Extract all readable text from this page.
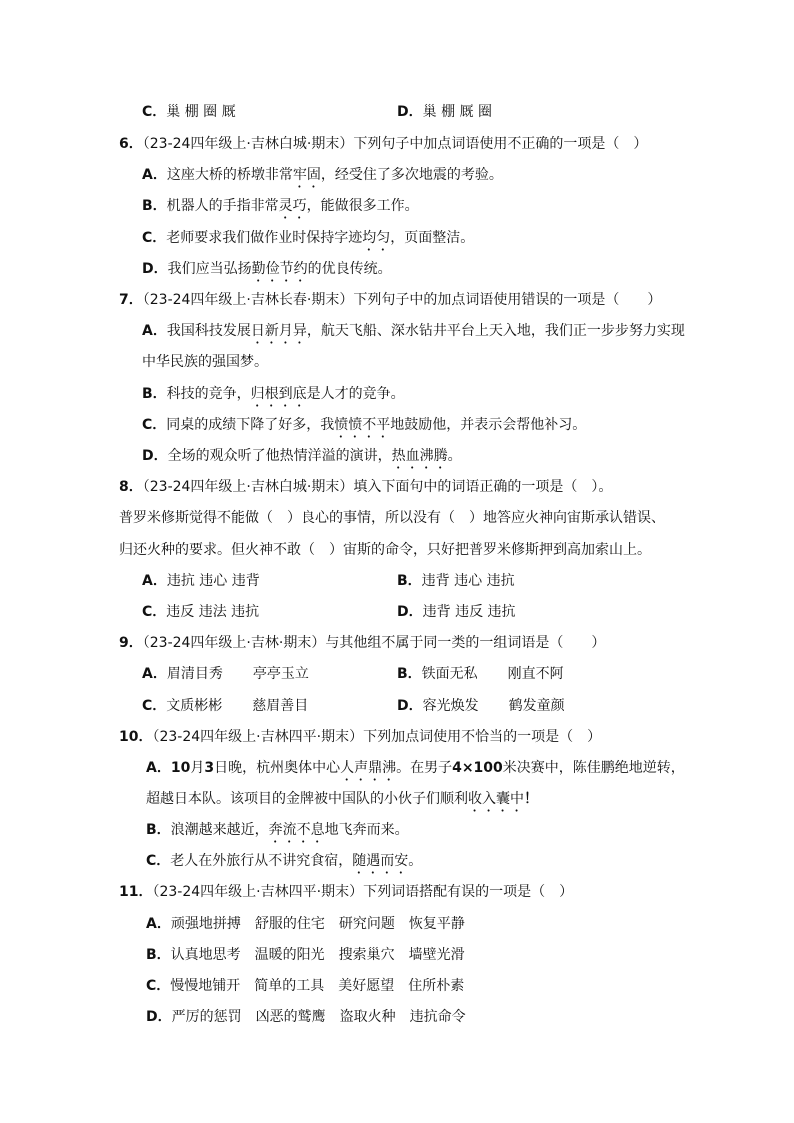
C．巢 棚 圈 厩	D．巢 棚 厩 圈
6．（23-24四年级上·吉林白城·期末）下列句子中加点词语使用不正确的一项是（　）
A．这座大桥的桥墩非常牢固，经受住了多次地震的考验。
B．机器人的手指非常灵巧，能做很多工作。
C．老师要求我们做作业时保持字迹均匀，页面整洁。
D．我们应当弘扬勤俭节约的优良传统。
7．（23-24四年级上·吉林长春·期末）下列句子中的加点词语使用错误的一项是（　　）
A．我国科技发展日新月异，航天飞船、深水钻井平台上天入地，我们正一步步努力实现
中华民族的强国梦。
B．科技的竞争，归根到底是人才的竞争。
C．同桌的成绩下降了好多，我愤愤不平地鼓励他，并表示会帮他补习。
D．全场的观众听了他热情洋溢的演讲，热血沸腾。
8．（23-24四年级上·吉林白城·期末）填入下面句中的词语正确的一项是（　）。
普罗米修斯觉得不能做（　）良心的事情，所以没有（　）地答应火神向宙斯承认错误、
归还火种的要求。但火神不敢（　）宙斯的命令，只好把普罗米修斯押到高加索山上。
A．违抗 违心 违背	B．违背 违心 违抗
C．违反 违法 违抗	D．违背 违反 违抗
9．（23-24四年级上·吉林·期末）与其他组不属于同一类的一组词语是（　　）
A．眉清目秀 亭亭玉立	B．铁面无私 刚直不阿
C．文质彬彬 慈眉善目	D．容光焕发 鹤发童颜
10．（23-24四年级上·吉林四平·期末）下列加点词使用不恰当的一项是（　）
A．10月3日晚，杭州奥体中心人声鼎沸。在男子4×100米决赛中，陈佳鹏绝地逆转，
超越日本队。该项目的金牌被中国队的小伙子们顺利收入囊中！
B．浪潮越来越近，奔流不息地飞奔而来。
C．老人在外旅行从不讲究食宿，随遇而安。
11．（23-24四年级上·吉林四平·期末）下列词语搭配有误的一项是（　）
A．顽强地拼搏　舒服的住宅　研究问题　恢复平静
B．认真地思考　温暖的阳光　搜索巢穴　墙壁光滑
C．慢慢地铺开　简单的工具　美好愿望　住所朴素
D．严厉的惩罚　凶恶的鹫鹰　盗取火种　违抗命令
